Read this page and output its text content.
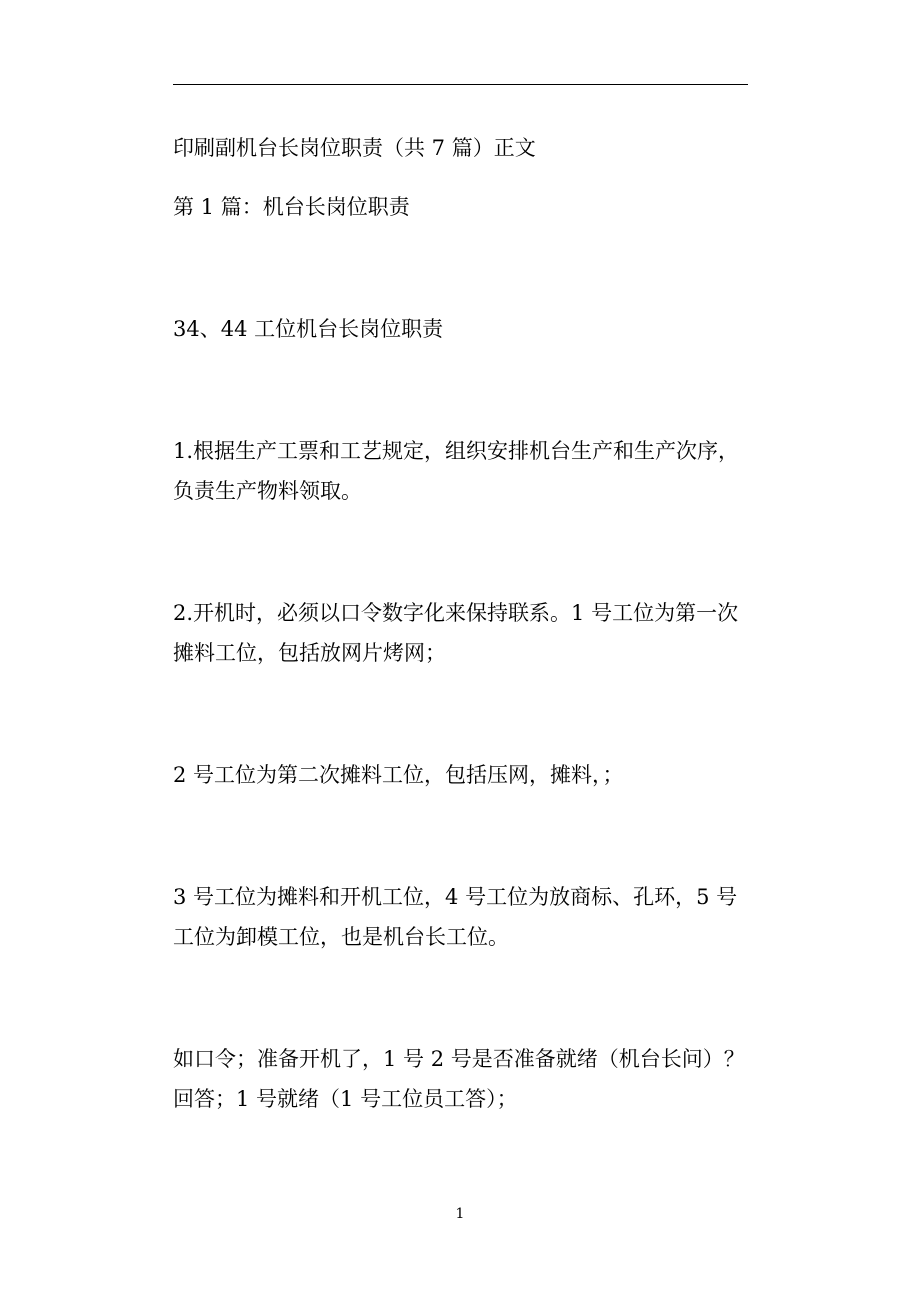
印刷副机台长岗位职责（共 7 篇）正文
第 1 篇：机台长岗位职责
34、44 工位机台长岗位职责
1.根据生产工票和工艺规定，组织安排机台生产和生产次序，
负责生产物料领取。
2.开机时，必须以口令数字化来保持联系。1 号工位为第一次
摊料工位，包括放网片烤网；
2 号工位为第二次摊料工位，包括压网，摊料，；
3 号工位为摊料和开机工位，4 号工位为放商标、孔环，5 号
工位为卸模工位，也是机台长工位。
如口令；准备开机了，1 号 2 号是否准备就绪（机台长问）？
回答；1 号就绪（1 号工位员工答）；
1
